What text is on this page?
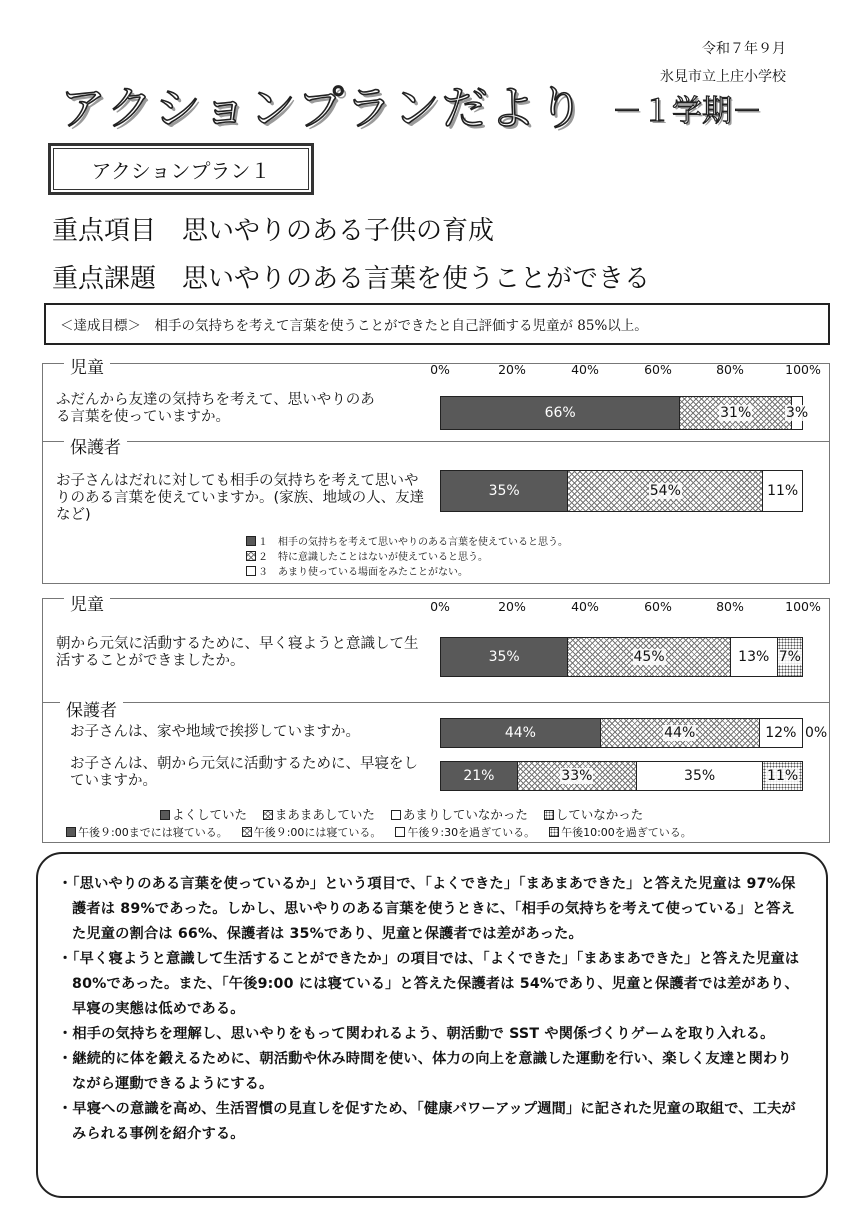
令和７年９月
氷見市立上庄小学校
アクションプランだより －１学期－
アクションプラン１
重点項目　思いやりのある子供の育成
重点課題　思いやりのある言葉を使うことができる
＜達成目標＞　相手の気持ちを考えて言葉を使うことができたと自己評価する児童が 85%以上。
児童
保護者
0%	20%	40%	60%	80%	100%
ふだんから友達の気持ちを考えて、思いやりのある言葉を使っていますか。	66%	31% 3%
お子さんはだれに対しても相手の気持ちを考えて思いやりのある言葉を使えていますか。(家族、地域の人、友達 など)
35%	54%	11%
１　相手の気持ちを考えて思いやりのある言葉を使えていると思う。
２　特に意識したことはないが使えていると思う。
３　あまり使っている場面をみたことがない。
児童
保護者
0%	20%	40%	60%	80%	100%
朝から元気に活動するために、早く寝ようと意識して生活することができましたか。	35%	45%	13% 7%
お子さんは、家や地域で挨拶していますか。	44%	44%	12% 0%
お子さんは、朝から元気に活動するために、早寝をしていますか。	21%	33%	35%	11%
よくしていた まあまあしていた あまりしていなかった していなかった
午後９:00までには寝ている。 午後９:00には寝ている。 午後９:30を過ぎている。 午後10:00を過ぎている。
・「思いやりのある言葉を使っているか」という項目で、「よくできた」「まあまあできた」と答えた児童は 97%保護者は 89%であった。しかし、思いやりのある言葉を使うときに、「相手の気持ちを考えて使っている」と答えた児童の割合は 66%、保護者は 35%であり、児童と保護者では差があった。
・「早く寝ようと意識して生活することができたか」の項目では、「よくできた」「まあまあできた」と答えた児童は 80%であった。また、「午後9:00 には寝ている」と答えた保護者は 54%であり、児童と保護者では差があり、早寝の実態は低めである。
・相手の気持ちを理解し、思いやりをもって関われるよう、朝活動で SST や関係づくりゲームを取り入れる。
・継続的に体を鍛えるために、朝活動や休み時間を使い、体力の向上を意識した運動を行い、楽しく友達と関わりながら運動できるようにする。
・早寝への意識を高め、生活習慣の見直しを促すため、「健康パワーアップ週間」に記された児童の取組で、工夫がみられる事例を紹介する。
